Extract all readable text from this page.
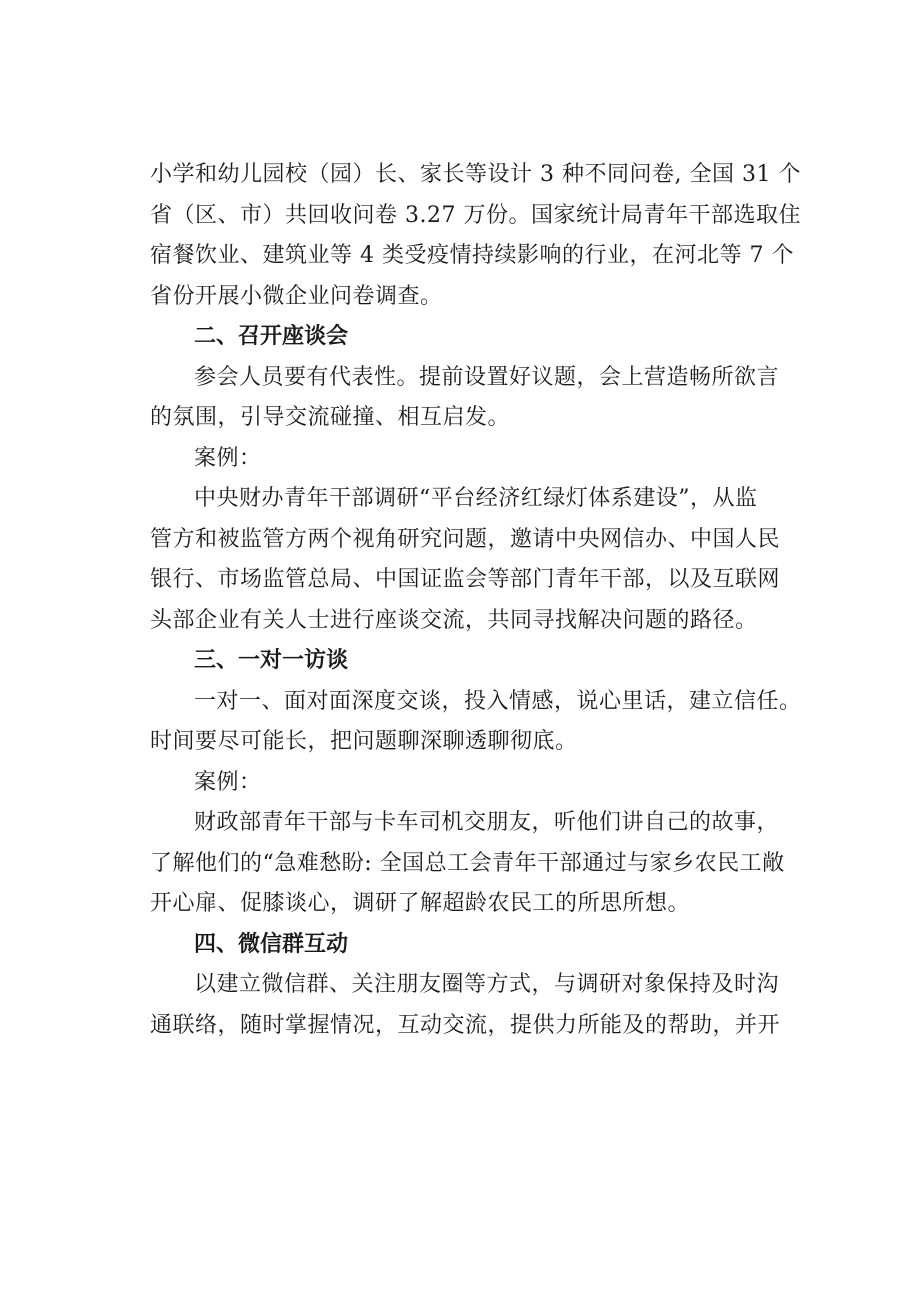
小学和幼儿园校（园）长、家长等设计 3 种不同问卷, 全国 31 个
省（区、市）共回收问卷 3.27 万份。国家统计局青年干部选取住
宿餐饮业、建筑业等 4 类受疫情持续影响的行业，在河北等 7 个
省份开展小微企业问卷调查。

二、召开座谈会

参会人员要有代表性。提前设置好议题，会上营造畅所欲言
的氛围，引导交流碰撞、相互启发。

案例：

中央财办青年干部调研“平台经济红绿灯体系建设”，从监
管方和被监管方两个视角研究问题，邀请中央网信办、中国人民
银行、市场监管总局、中国证监会等部门青年干部，以及互联网
头部企业有关人士进行座谈交流，共同寻找解决问题的路径。

三、一对一访谈

一对一、面对面深度交谈，投入情感，说心里话，建立信任。
时间要尽可能长，把问题聊深聊透聊彻底。

案例：

财政部青年干部与卡车司机交朋友，听他们讲自己的故事，
了解他们的“急难愁盼: 全国总工会青年干部通过与家乡农民工敞
开心扉、促膝谈心，调研了解超龄农民工的所思所想。

四、微信群互动

以建立微信群、关注朋友圈等方式，与调研对象保持及时沟
通联络，随时掌握情况，互动交流，提供力所能及的帮助，并开
